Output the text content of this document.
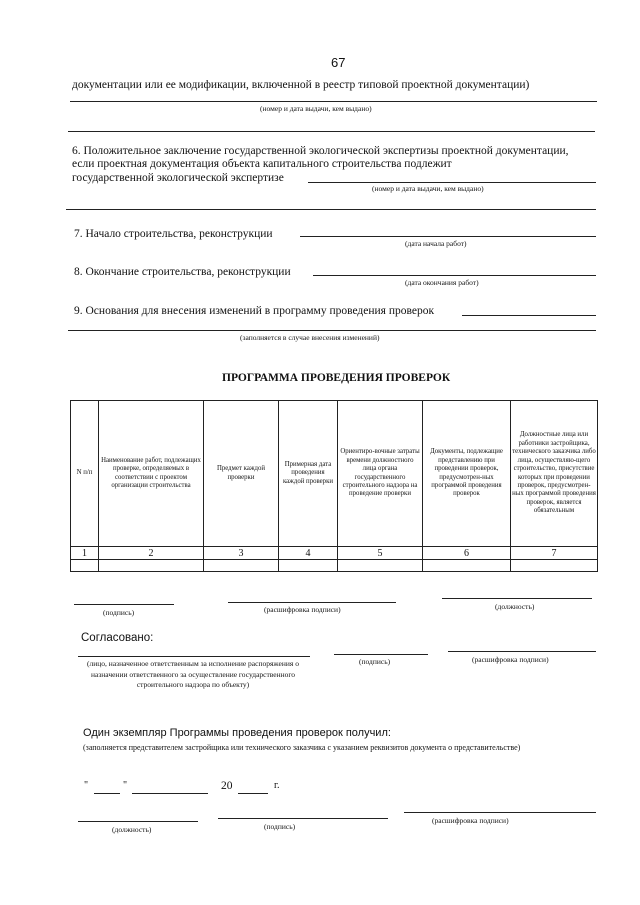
67
документации или ее модификации, включенной в реестр типовой проектной документации)
(номер и дата выдачи, кем выдано)
6. Положительное заключение государственной экологической экспертизы проектной документации,
если проектная документация объекта капитального строительства подлежит
государственной экологической экспертизе
(номер и дата выдачи, кем выдано)
7. Начало строительства, реконструкции
(дата начала работ)
8. Окончание строительства, реконструкции
(дата окончания работ)
9. Основания для внесения изменений в программу проведения проверок
(заполняется в случае внесения изменений)
ПРОГРАММА ПРОВЕДЕНИЯ ПРОВЕРОК
N п/п	Наименование работ, подлежащих проверке, определяемых в соответствии с проектом организации строительства	Предмет каждой проверки	Примерная дата проведения каждой проверки	Ориентиро-вочные затраты времени должностного лица органа государственного строительного надзора на проведение проверки	Документы, подлежащие представлению при проведении проверок, предусмотрен-ных программой проведения проверок	Должностные лица или работники застройщика, технического заказчика либо лица, осуществляю-щего строительство, присутствие которых при проведении проверок, предусмотрен-ных программой проведения проверок, является обязательным
1	2	3	4	5	6	7

(подпись)	(расшифровка подписи)	(должность)
Согласовано:
(лицо, назначенное ответственным за исполнение распоряжения о назначении ответственного за осуществление государственного строительного надзора по объекту)
(подпись)	(расшифровка подписи)
Один экземпляр Программы проведения проверок получил:
(заполняется представителем застройщика или технического заказчика с указанием реквизитов документа о представительстве)
"	"	20	г.
(должность)	(подпись)
(расшифровка подписи)
